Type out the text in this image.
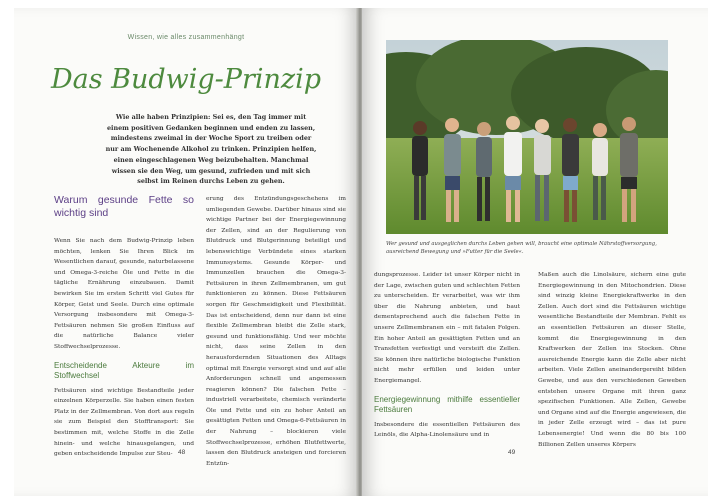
Wissen, wie alles zusammenhängt
Das Budwig-Prinzip
Wie alle haben Prinzipien: Sei es, den Tag immer mit einem positiven Gedanken beginnen und enden zu lassen, mindestens zweimal in der Woche Sport zu treiben oder nur am Wochenende Alkohol zu trinken. Prinzipien helfen, einen eingeschlagenen Weg beizubehalten. Manchmal wissen sie den Weg, um gesund, zufrieden und mit sich selbst im Reinen durchs Leben zu gehen.
Warum gesunde Fette so wichtig sind

Wenn Sie nach dem Budwig-Prinzip leben möchten, lenken Sie Ihren Blick im Wesentlichen darauf, gesunde, naturbelassene und Omega-3-reiche Öle und Fette in die tägliche Ernährung einzubauen. Damit bewirken Sie im ersten Schritt viel Gutes für Körper, Geist und Seele. Durch eine optimale Versorgung insbesondere mit Omega-3-Fettsäuren nehmen Sie großen Einfluss auf die natürliche Balance vieler Stoffwechselprozesse.

Entscheidende Akteure im Stoffwechsel

Fettsäuren sind wichtige Bestandteile jeder einzelnen Körperzelle. Sie haben einen festen Platz in der Zellmembran. Von dort aus regeln sie zum Beispiel den Stofftransport: Sie bestimmen mit, welche Stoffe in die Zelle hinein- und welche hinausgelangen, und geben entscheidende Impulse zur Steu-

erung des Entzündungsgeschehens im umliegenden Gewebe. Darüber hinaus sind sie wichtige Partner bei der Energiegewinnung der Zellen, sind an der Regulierung von Blutdruck und Blutgerinnung beteiligt und lebenswichtige Verbündete eines starken Immunsystems. Gesunde Körper- und Immunzellen brauchen die Omega-3-Fettsäuren in ihren Zellmembranen, um gut funktionieren zu können. Diese Fettsäuren sorgen für Geschmeidigkeit und Flexibilität. Das ist entscheidend, denn nur dann ist eine flexible Zellmembran bleibt die Zelle stark, gesund und funktionsfähig. Und wer möchte nicht, dass seine Zellen in den herausfordernden Situationen des Alltags optimal mit Energie versorgt sind und auf alle Anforderungen schnell und angemessen reagieren können? Die falschen Fette – industriell verarbeitete, chemisch veränderte Öle und Fette und ein zu hoher Anteil an gesättigten Fetten und Omega-6-Fettsäuren in der Nahrung – blockieren viele Stoffwechselprozesse, erhöhen Blutfettwerte, lassen den Blutdruck ansteigen und forcieren Entzün-

48
Wer gesund und ausgeglichen durchs Leben gehen will, braucht eine optimale Nährstoffversorgung, ausreichend Bewegung und »Futter für die Seele«.

dungsprozesse. Leider ist unser Körper nicht in der Lage, zwischen guten und schlechten Fetten zu unterscheiden. Er verarbeitet, was wir ihm über die Nahrung anbieten, und baut dementsprechend auch die falschen Fette in unsere Zellmembranen ein – mit fatalen Folgen. Ein hoher Anteil an gesättigten Fetten und an Transfetten verfestigt und versteift die Zellen. Sie können ihre natürliche biologische Funktion nicht mehr erfüllen und leiden unter Energiemangel.

Energiegewinnung mithilfe essentieller Fettsäuren

Insbesondere die essentiellen Fettsäuren des Leinöls, die Alpha-Linolensäure und in

Maßen auch die Linolsäure, sichern eine gute Energiegewinnung in den Mitochondrien. Diese sind winzig kleine Energiekraftwerke in den Zellen. Auch dort sind die Fettsäuren wichtige wesentliche Bestandteile der Membran. Fehlt es an essentiellen Fettsäuren an dieser Stelle, kommt die Energiegewinnung in den Kraftwerken der Zellen ins Stocken. Ohne ausreichende Energie kann die Zelle aber nicht arbeiten. Viele Zellen aneinandergereiht bilden Gewebe, und aus den verschiedenen Geweben entstehen unsere Organe mit ihren ganz spezifischen Funktionen. Alle Zellen, Gewebe und Organe sind auf die Energie angewiesen, die in jeder Zelle erzeugt wird – das ist pure Lebensenergie! Und wenn die 80 bis 100 Billionen Zellen unseres Körpers

49
